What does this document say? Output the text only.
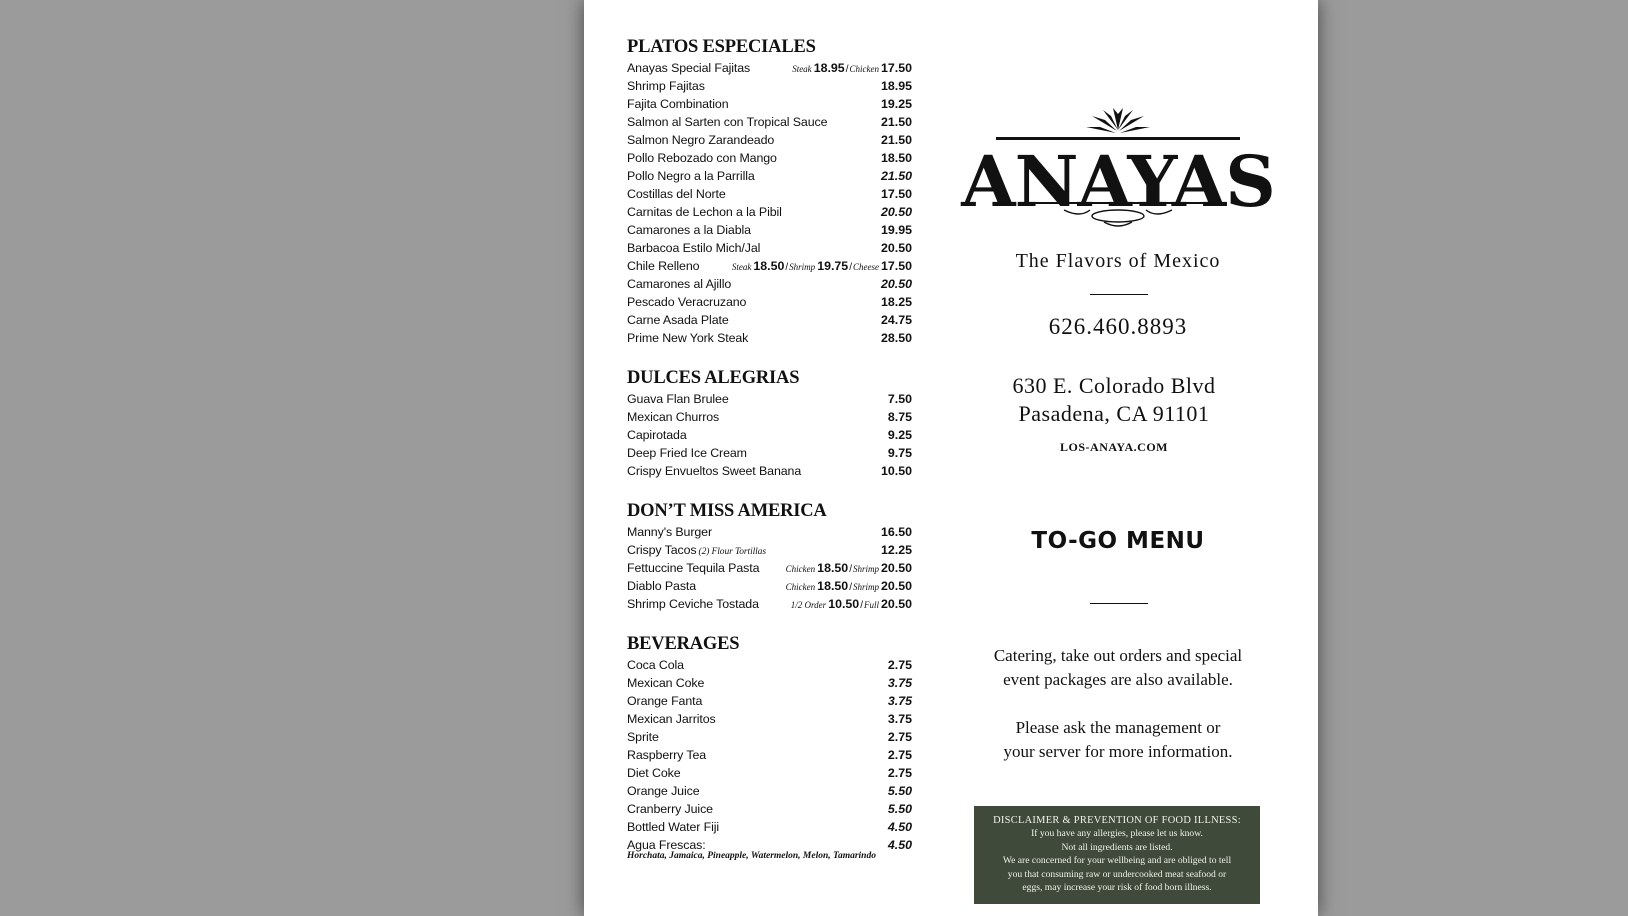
PLATOS ESPECIALES
Anayas Special Fajitas	Steak 18.95/Chicken 17.50
Shrimp Fajitas	18.95
Fajita Combination	19.25
Salmon al Sarten con Tropical Sauce	21.50
Salmon Negro Zarandeado	21.50
Pollo Rebozado con Mango	18.50
Pollo Negro a la Parrilla	21.50
Costillas del Norte	17.50
Carnitas de Lechon a la Pibil	20.50
Camarones a la Diabla	19.95
Barbacoa Estilo Mich/Jal	20.50
Chile Relleno	Steak 18.50/Shrimp 19.75/Cheese 17.50
Camarones al Ajillo	20.50
Pescado Veracruzano	18.25
Carne Asada Plate	24.75
Prime New York Steak	28.50
DULCES ALEGRIAS
Guava Flan Brulee	7.50
Mexican Churros	8.75
Capirotada	9.25
Deep Fried Ice Cream	9.75
Crispy Envueltos Sweet Banana	10.50
DON’T MISS AMERICA
Manny's Burger	16.50
Crispy Tacos (2) Flour Tortillas	12.25
Fettuccine Tequila Pasta	Chicken 18.50/Shrimp 20.50
Diablo Pasta	Chicken 18.50/Shrimp 20.50
Shrimp Ceviche Tostada	1/2 Order 10.50/Full 20.50
BEVERAGES
Coca Cola	2.75
Mexican Coke	3.75
Orange Fanta	3.75
Mexican Jarritos	3.75
Sprite	2.75
Raspberry Tea	2.75
Diet Coke	2.75
Orange Juice	5.50
Cranberry Juice	5.50
Bottled Water Fiji	4.50
Agua Frescas:	4.50
Horchata, Jamaica, Pineapple, Watermelon, Melon, Tamarindo
ANAYAS
The Flavors of Mexico
626.460.8893
630 E. Colorado Blvd
Pasadena, CA 91101
LOS-ANAYA.COM
TO-GO MENU
Catering, take out orders and special
event packages are also available.
Please ask the management or
your server for more information.
DISCLAIMER & PREVENTION OF FOOD ILLNESS:
If you have any allergies, please let us know.
Not all ingredients are listed.
We are concerned for your wellbeing and are obliged to tell
you that consuming raw or undercooked meat seafood or
eggs, may increase your risk of food born illness.
